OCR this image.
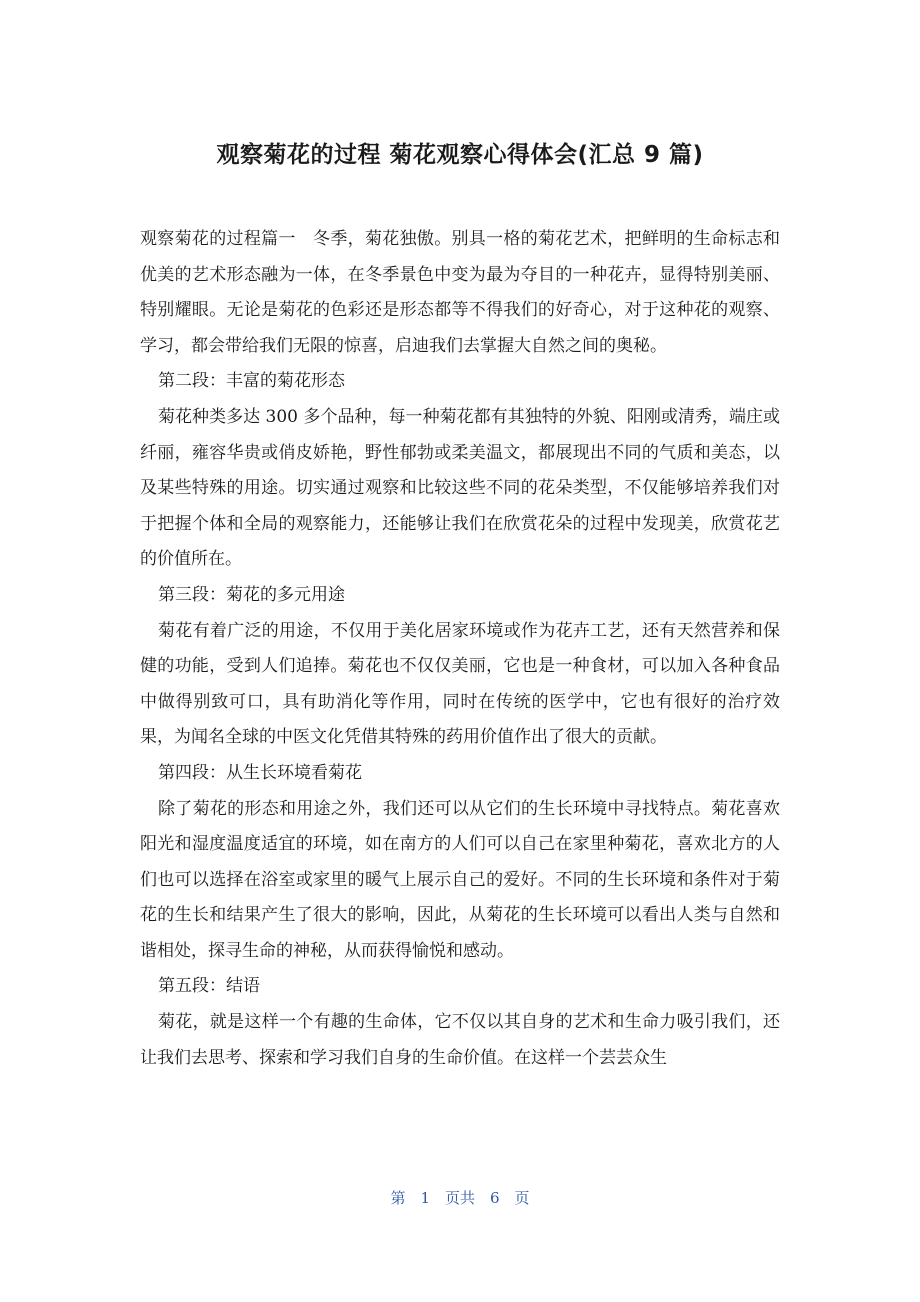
观察菊花的过程 菊花观察心得体会(汇总 9 篇)

观察菊花的过程篇一　冬季，菊花独傲。别具一格的菊花艺术，把鲜明的生命标志和优美的艺术形态融为一体，在冬季景色中变为最为夺目的一种花卉，显得特别美丽、特别耀眼。无论是菊花的色彩还是形态都等不得我们的好奇心，对于这种花的观察、学习，都会带给我们无限的惊喜，启迪我们去掌握大自然之间的奥秘。

第二段：丰富的菊花形态

菊花种类多达 300 多个品种，每一种菊花都有其独特的外貌、阳刚或清秀，端庄或纤丽，雍容华贵或俏皮娇艳，野性郁勃或柔美温文，都展现出不同的气质和美态，以及某些特殊的用途。切实通过观察和比较这些不同的花朵类型，不仅能够培养我们对于把握个体和全局的观察能力，还能够让我们在欣赏花朵的过程中发现美，欣赏花艺的价值所在。

第三段：菊花的多元用途

菊花有着广泛的用途，不仅用于美化居家环境或作为花卉工艺，还有天然营养和保健的功能，受到人们追捧。菊花也不仅仅美丽，它也是一种食材，可以加入各种食品中做得别致可口，具有助消化等作用，同时在传统的医学中，它也有很好的治疗效果，为闻名全球的中医文化凭借其特殊的药用价值作出了很大的贡献。

第四段：从生长环境看菊花

除了菊花的形态和用途之外，我们还可以从它们的生长环境中寻找特点。菊花喜欢阳光和湿度温度适宜的环境，如在南方的人们可以自己在家里种菊花，喜欢北方的人们也可以选择在浴室或家里的暖气上展示自己的爱好。不同的生长环境和条件对于菊花的生长和结果产生了很大的影响，因此，从菊花的生长环境可以看出人类与自然和谐相处，探寻生命的神秘，从而获得愉悦和感动。

第五段：结语

菊花，就是这样一个有趣的生命体，它不仅以其自身的艺术和生命力吸引我们，还让我们去思考、探索和学习我们自身的生命价值。在这样一个芸芸众生

第　1　页共　6　页
